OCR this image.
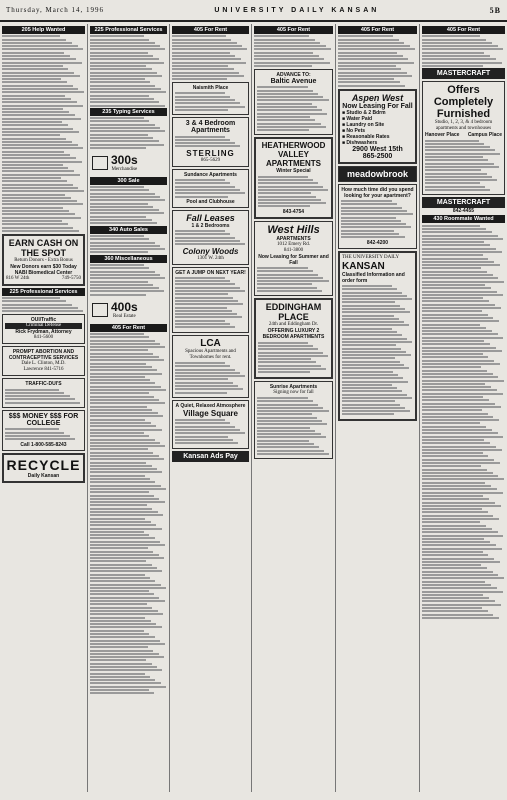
Thursday, March 14, 1996	UNIVERSITY DAILY KANSAN	5B
205 Help Wanted
EARN CASH ON THE SPOT
Return Donors - Extra Bonus
New Donors earn $30 Today
NABI Biomedical Center
816 W 24th	749-5750
225 Professional Services
OUI/Traffic
Criminal Defense
Rick Frydman, Attorney
841-5600
PROMPT ABORTION AND CONTRACEPTIVE SERVICES
Dale L. Clinton, M.D.
Lawrence 841-5716
TRAFFIC-DUI'S
$$$ MONEY $$$ FOR COLLEGE
Call 1-800-585-8243
RECYCLE
Daily Kansan
225 Professional Services
235 Typing Services
300s
Merchandise
300 Sale
340 Auto Sales
360 Miscellaneous
400s
Real Estate
405 For Rent
405 For Rent
Naismith Place
3 & 4 Bedroom Apartments
STERLING
865-5629
Sundance Apartments
Pool and Clubhouse
Fall Leases
1 & 2 Bedrooms
Colony Woods
1301 W. 24th
GET A JUMP ON NEXT YEAR!
LCA
Spacious Apartments and Townhomes for rent.
A Quiet, Relaxed Atmosphere
Village Square
Kansan Ads Pay
405 For Rent
ADVANCE TO:
Baltic Avenue
HEATHERWOOD VALLEY APARTMENTS
Winter Special
843-4754
West Hills
APARTMENTS
1012 Emery Rd.
841-3800
Now Leasing for Summer and Fall
EDDINGHAM PLACE
24th and Eddingham Dr.
OFFERING LUXURY 2 BEDROOM APARTMENTS
Sunrise Apartments
Signing now for fall
405 For Rent
Aspen West
Now Leasing For Fall
■ Studio & 2 Bdrm
■ Water Paid
■ Laundry on Site
■ No Pets
■ Reasonable Rates
■ Dishwashers
2900 West 15th
865-2500
meadowbrook
How much time did you spend looking for your apartment?
842-4200
THE UNIVERSITY DAILY
KANSAN
Classified Information and order form
405 For Rent
MASTERCRAFT
Offers Completely Furnished
Studio, 1, 2, 3, & 4 bedroom apartments and townhouses
Hanover Place Campus Place
MASTERCRAFT
842-4455
430 Roommate Wanted
